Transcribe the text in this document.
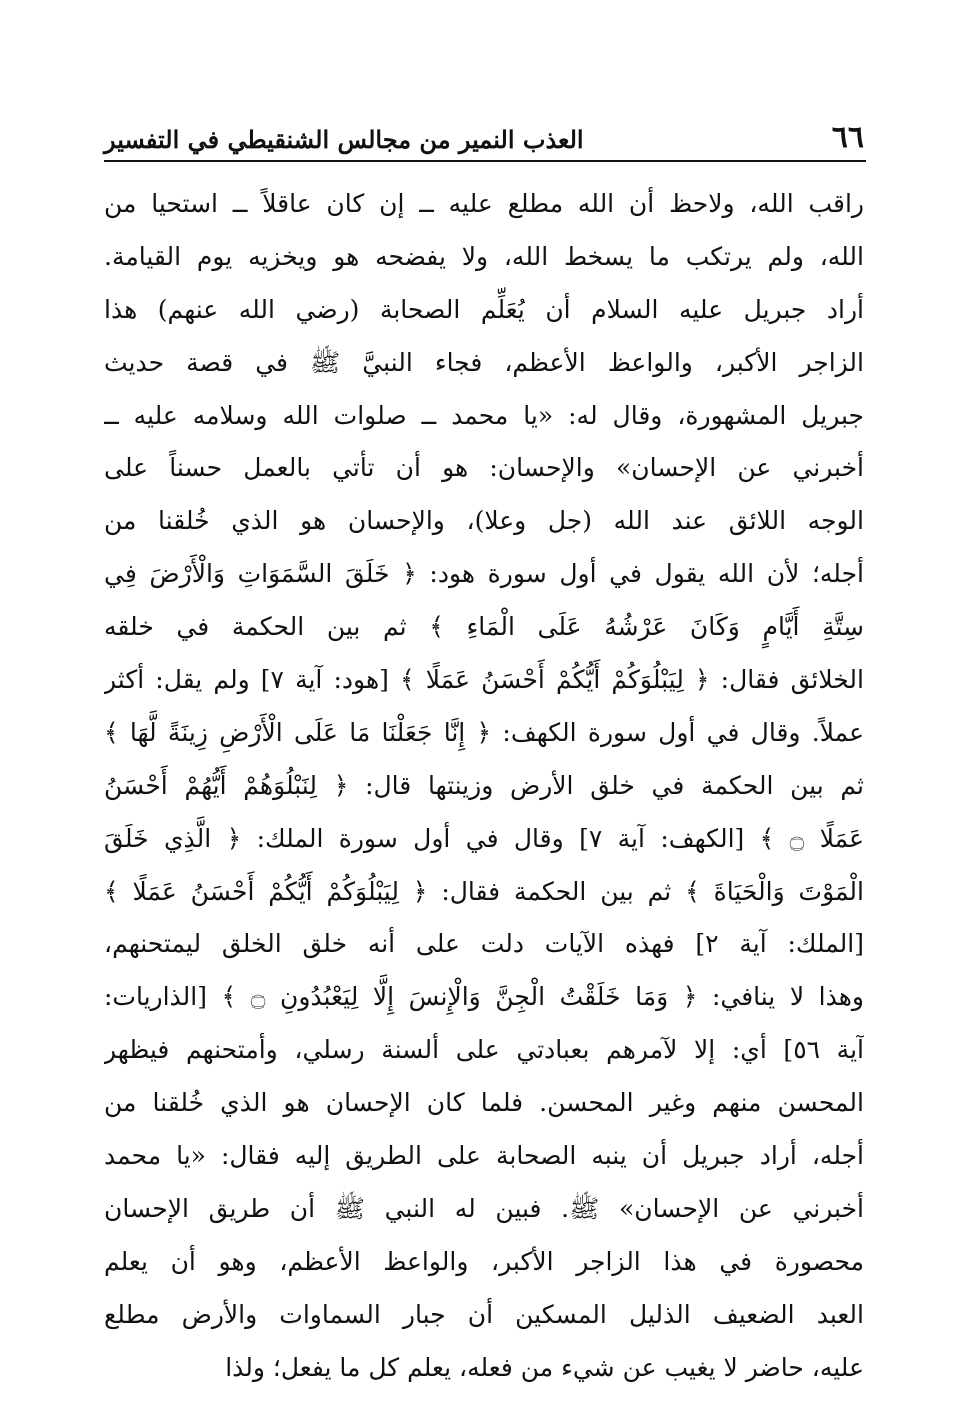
٦٦
العذب النمير من مجالس الشنقيطي في التفسير
راقب الله، ولاحظ أن الله مطلع عليه ــ إن كان عاقلاً ــ استحيا من
الله، ولم يرتكب ما يسخط الله، ولا يفضحه هو ويخزيه يوم القيامة.
أراد جبريل عليه السلام أن يُعَلِّم الصحابة (رضي الله عنهم) هذا
الزاجر الأكبر، والواعظ الأعظم، فجاء النبيَّ ﷺ في قصة حديث
جبريل المشهورة، وقال له: «يا محمد ــ صلوات الله وسلامه عليه ــ
أخبرني عن الإحسان» والإحسان: هو أن تأتي بالعمل حسناً على
الوجه اللائق عند الله (جل وعلا)، والإحسان هو الذي خُلقنا من
أجله؛ لأن الله يقول في أول سورة هود: ﴿ خَلَقَ السَّمَوَاتِ وَالْأَرْضَ فِي
سِتَّةِ أَيَّامٍ وَكَانَ عَرْشُهُ عَلَى الْمَاءِ ﴾ ثم بين الحكمة في خلقه
الخلائق فقال: ﴿ لِيَبْلُوَكُمْ أَيُّكُمْ أَحْسَنُ عَمَلًا ﴾ [هود: آية ٧] ولم يقل: أكثر
عملاً. وقال في أول سورة الكهف: ﴿ إِنَّا جَعَلْنَا مَا عَلَى الْأَرْضِ زِينَةً لَّهَا ﴾
ثم بين الحكمة في خلق الأرض وزينتها قال: ﴿ لِنَبْلُوَهُمْ أَيُّهُمْ أَحْسَنُ
عَمَلًا ۝ ﴾ [الكهف: آية ٧] وقال في أول سورة الملك: ﴿ الَّذِي خَلَقَ
الْمَوْتَ وَالْحَيَاةَ ﴾ ثم بين الحكمة فقال: ﴿ لِيَبْلُوَكُمْ أَيُّكُمْ أَحْسَنُ عَمَلًا ﴾
[الملك: آية ٢] فهذه الآيات دلت على أنه خلق الخلق ليمتحنهم،
وهذا لا ينافي: ﴿ وَمَا خَلَقْتُ الْجِنَّ وَالْإِنسَ إِلَّا لِيَعْبُدُونِ ۝ ﴾ [الذاريات:
آية ٥٦] أي: إلا لآمرهم بعبادتي على ألسنة رسلي، وأمتحنهم فيظهر
المحسن منهم وغير المحسن. فلما كان الإحسان هو الذي خُلقنا من
أجله، أراد جبريل أن ينبه الصحابة على الطريق إليه فقال: «يا محمد
أخبرني عن الإحسان» ﷺ. فبين له النبي ﷺ أن طريق الإحسان
محصورة في هذا الزاجر الأكبر، والواعظ الأعظم، وهو أن يعلم
العبد الضعيف الذليل المسكين أن جبار السماوات والأرض مطلع
عليه، حاضر لا يغيب عن شيء من فعله، يعلم كل ما يفعل؛ ولذا
